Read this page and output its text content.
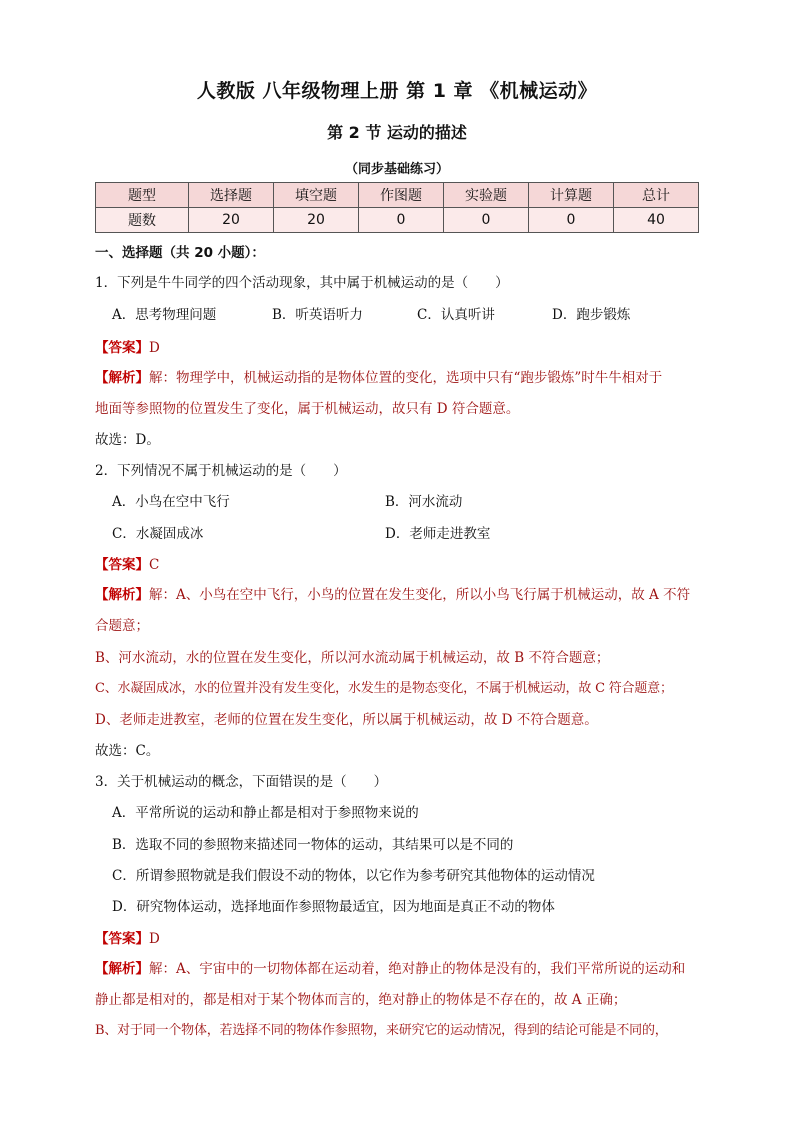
人教版 八年级物理上册 第 1 章 《机械运动》
第 2 节 运动的描述
（同步基础练习）
题型	选择题	填空题	作图题	实验题	计算题	总计
题数	20	20	0	0	0	40
一、选择题（共 20 小题）：
1．下列是牛牛同学的四个活动现象，其中属于机械运动的是（　　）
A．思考物理问题	B．听英语听力	C．认真听讲	D．跑步锻炼
【答案】D
【解析】解：物理学中，机械运动指的是物体位置的变化，选项中只有“跑步锻炼”时牛牛相对于
地面等参照物的位置发生了变化，属于机械运动，故只有 D 符合题意。
故选：D。
2．下列情况不属于机械运动的是（　　）
A．小鸟在空中飞行	B．河水流动
C．水凝固成冰	D．老师走进教室
【答案】C
【解析】解：A、小鸟在空中飞行，小鸟的位置在发生变化，所以小鸟飞行属于机械运动，故 A 不符
合题意；
B、河水流动，水的位置在发生变化，所以河水流动属于机械运动，故 B 不符合题意；
C、水凝固成冰，水的位置并没有发生变化，水发生的是物态变化，不属于机械运动，故 C 符合题意；
D、老师走进教室，老师的位置在发生变化，所以属于机械运动，故 D 不符合题意。
故选：C。
3．关于机械运动的概念，下面错误的是（　　）
A．平常所说的运动和静止都是相对于参照物来说的
B．选取不同的参照物来描述同一物体的运动，其结果可以是不同的
C．所谓参照物就是我们假设不动的物体，以它作为参考研究其他物体的运动情况
D．研究物体运动，选择地面作参照物最适宜，因为地面是真正不动的物体
【答案】D
【解析】解：A、宇宙中的一切物体都在运动着，绝对静止的物体是没有的，我们平常所说的运动和
静止都是相对的，都是相对于某个物体而言的，绝对静止的物体是不存在的，故 A 正确；
B、对于同一个物体，若选择不同的物体作参照物，来研究它的运动情况，得到的结论可能是不同的，
